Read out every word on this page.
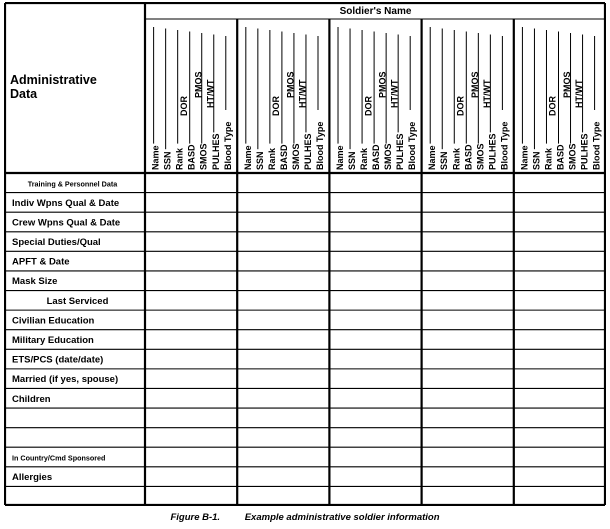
Soldier's Name
Administrative
Data
Name SSN Rank BASD SMOS PULHES Blood Type
DOR
PMOS HT/WT
Name SSN Rank BASD SMOS PULHES Blood Type
DOR
PMOS HT/WT
Name SSN Rank BASD SMOS PULHES Blood Type
DOR
PMOS HT/WT
Name SSN Rank BASD SMOS PULHES Blood Type
DOR
PMOS HT/WT
Name SSN Rank BASD SMOS PULHES Blood Type
DOR
PMOS HT/WT
Training & Personnel Data
Indiv Wpns Qual & Date
Crew Wpns Qual & Date
Special Duties/Qual
APFT & Date
Mask Size
Last Serviced
Civilian Education
Military Education
ETS/PCS (date/date)
Married (if yes, spouse)
Children
In Country/Cmd Sponsored
Allergies
Figure B-1.	Example administrative soldier information
